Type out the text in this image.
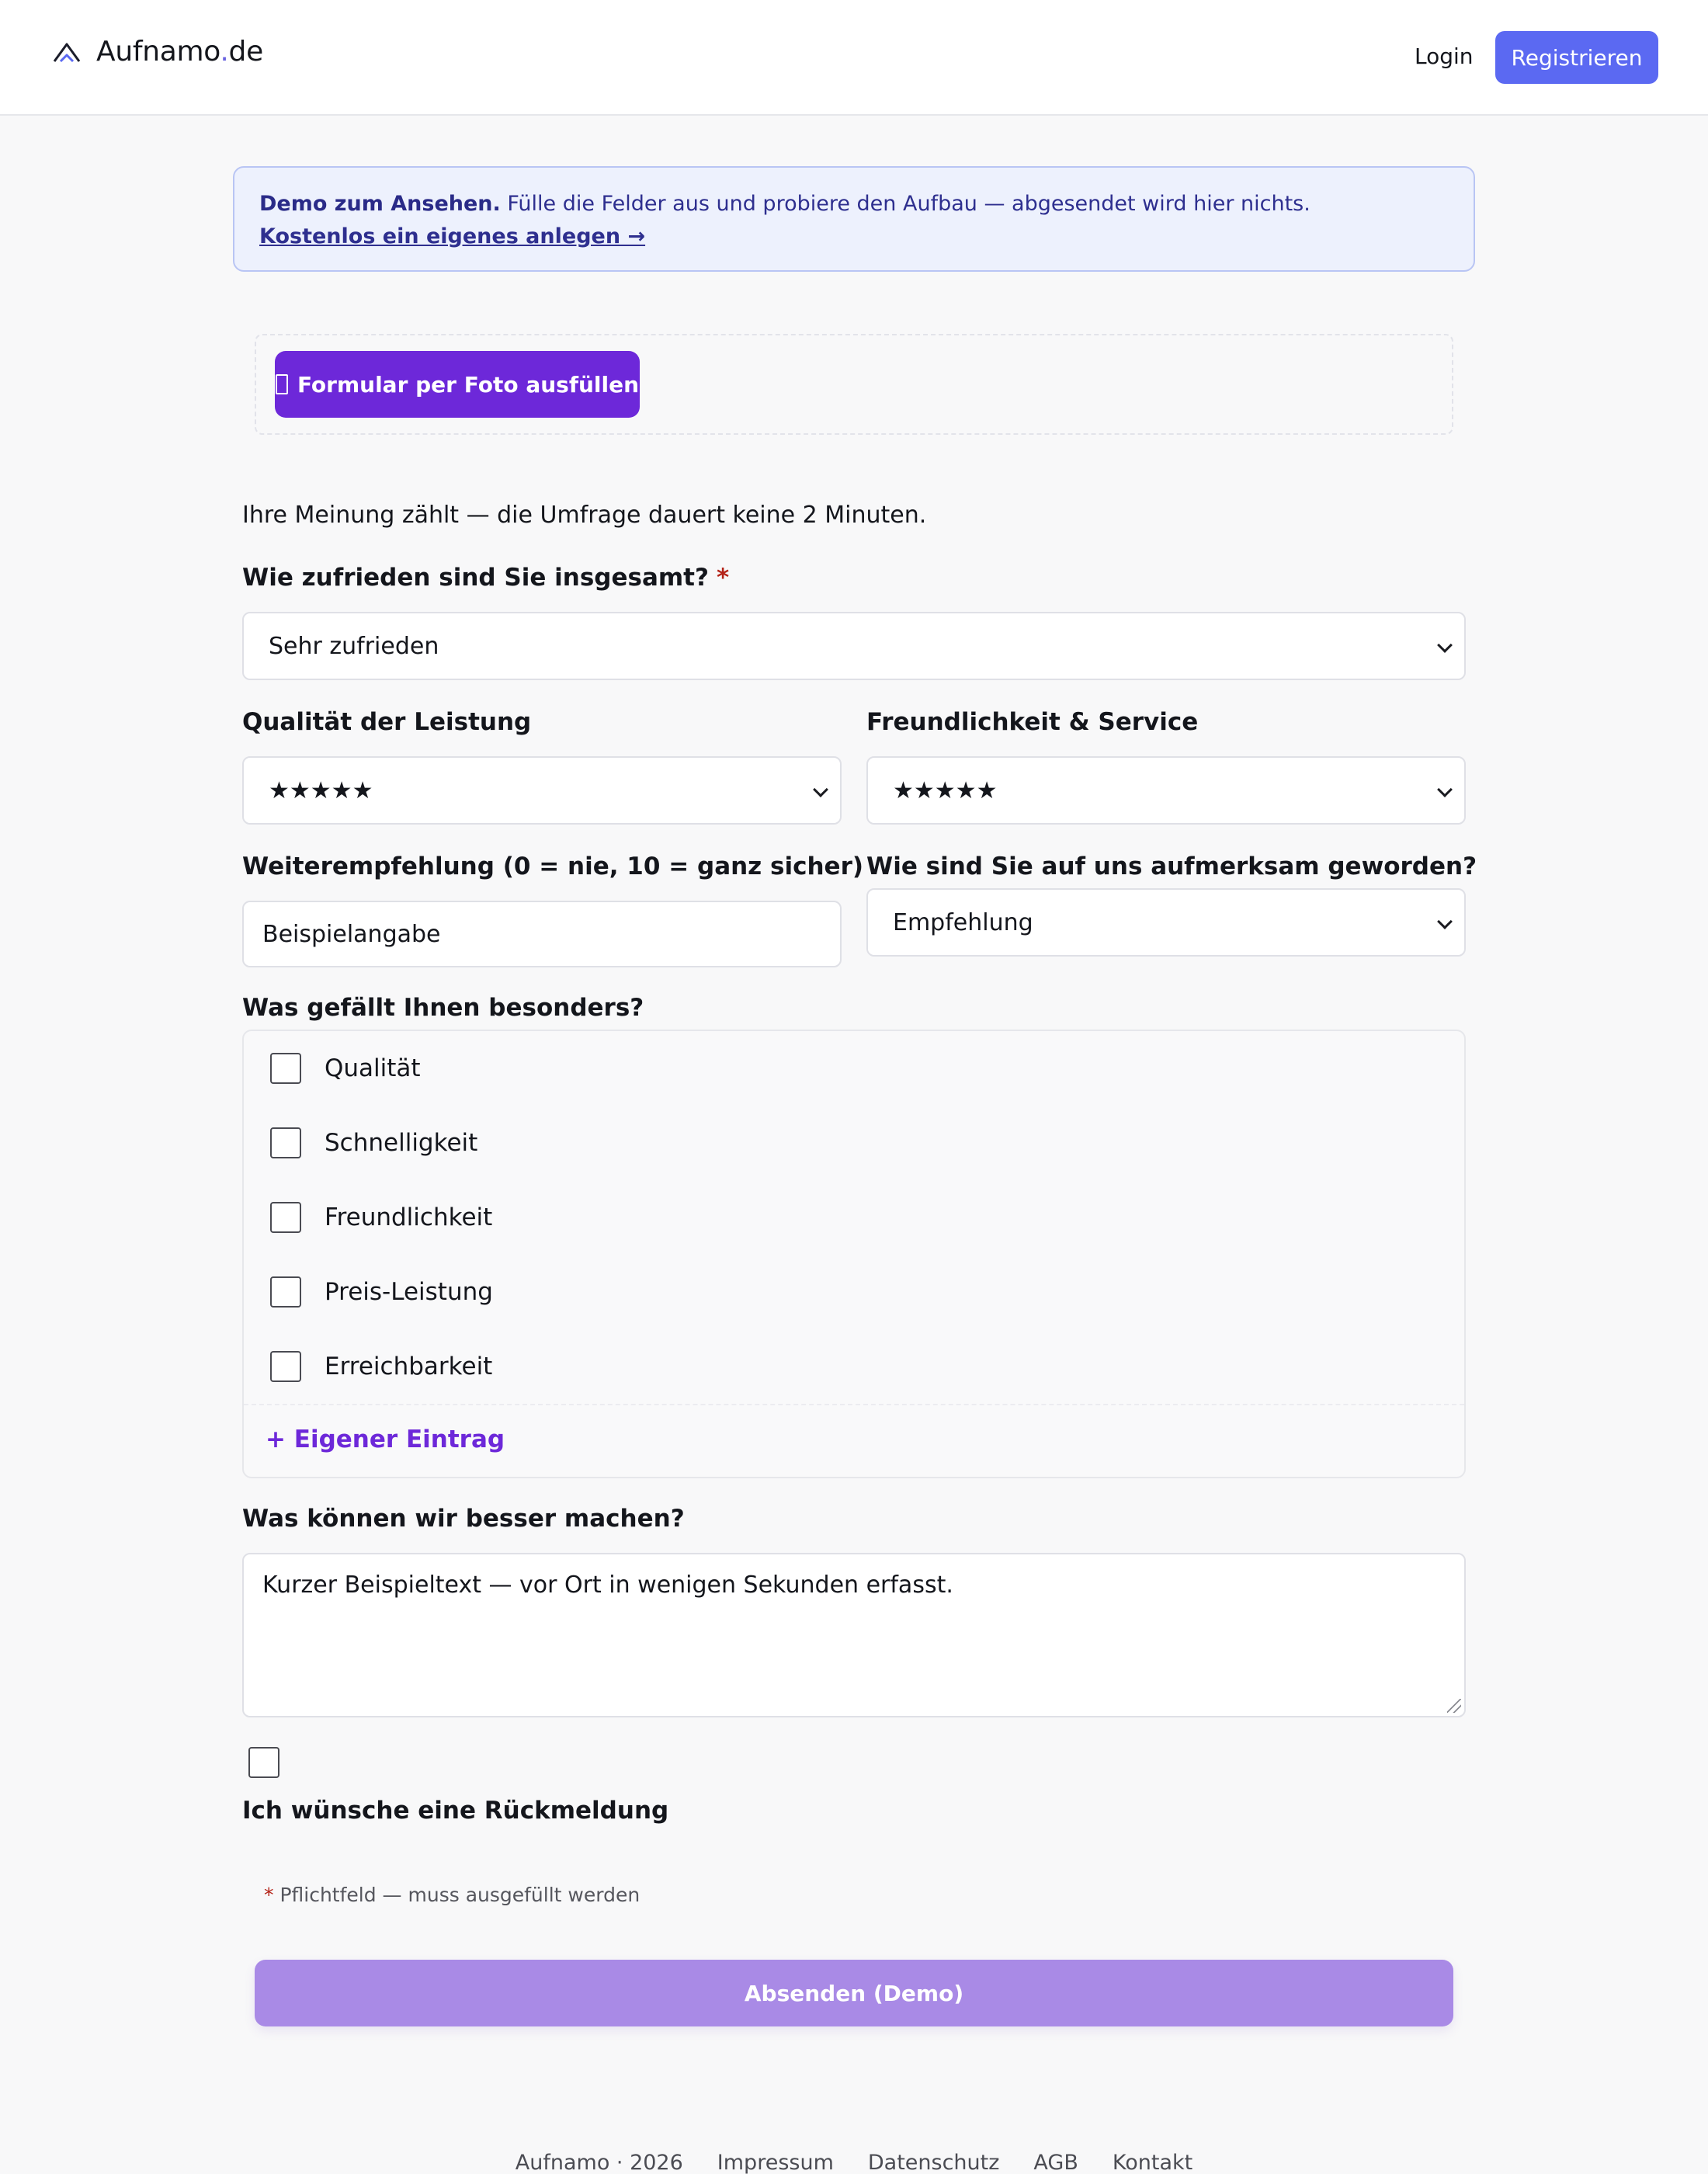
Aufnamo.de	Login	Registrieren
Demo zum Ansehen. Fülle die Felder aus und probiere den Aufbau — abgesendet wird hier nichts.
Kostenlos ein eigenes anlegen →
Formular per Foto ausfüllen
Ihre Meinung zählt — die Umfrage dauert keine 2 Minuten.
Wie zufrieden sind Sie insgesamt? *
Sehr zufrieden
Qualität der Leistung
★★★★★
Freundlichkeit & Service
★★★★★
Weiterempfehlung (0 = nie, 10 = ganz sicher)
Beispielangabe Wie sind Sie auf uns aufmerksam geworden?
Empfehlung
Was gefällt Ihnen besonders?
Qualität
Schnelligkeit
Freundlichkeit
Preis-Leistung
Erreichbarkeit
+ Eigener Eintrag
Was können wir besser machen?
Kurzer Beispieltext — vor Ort in wenigen Sekunden erfasst.
Ich wünsche eine Rückmeldung
* Pflichtfeld — muss ausgefüllt werden
Absenden (Demo)
Aufnamo · 2026 Impressum Datenschutz AGB Kontakt
